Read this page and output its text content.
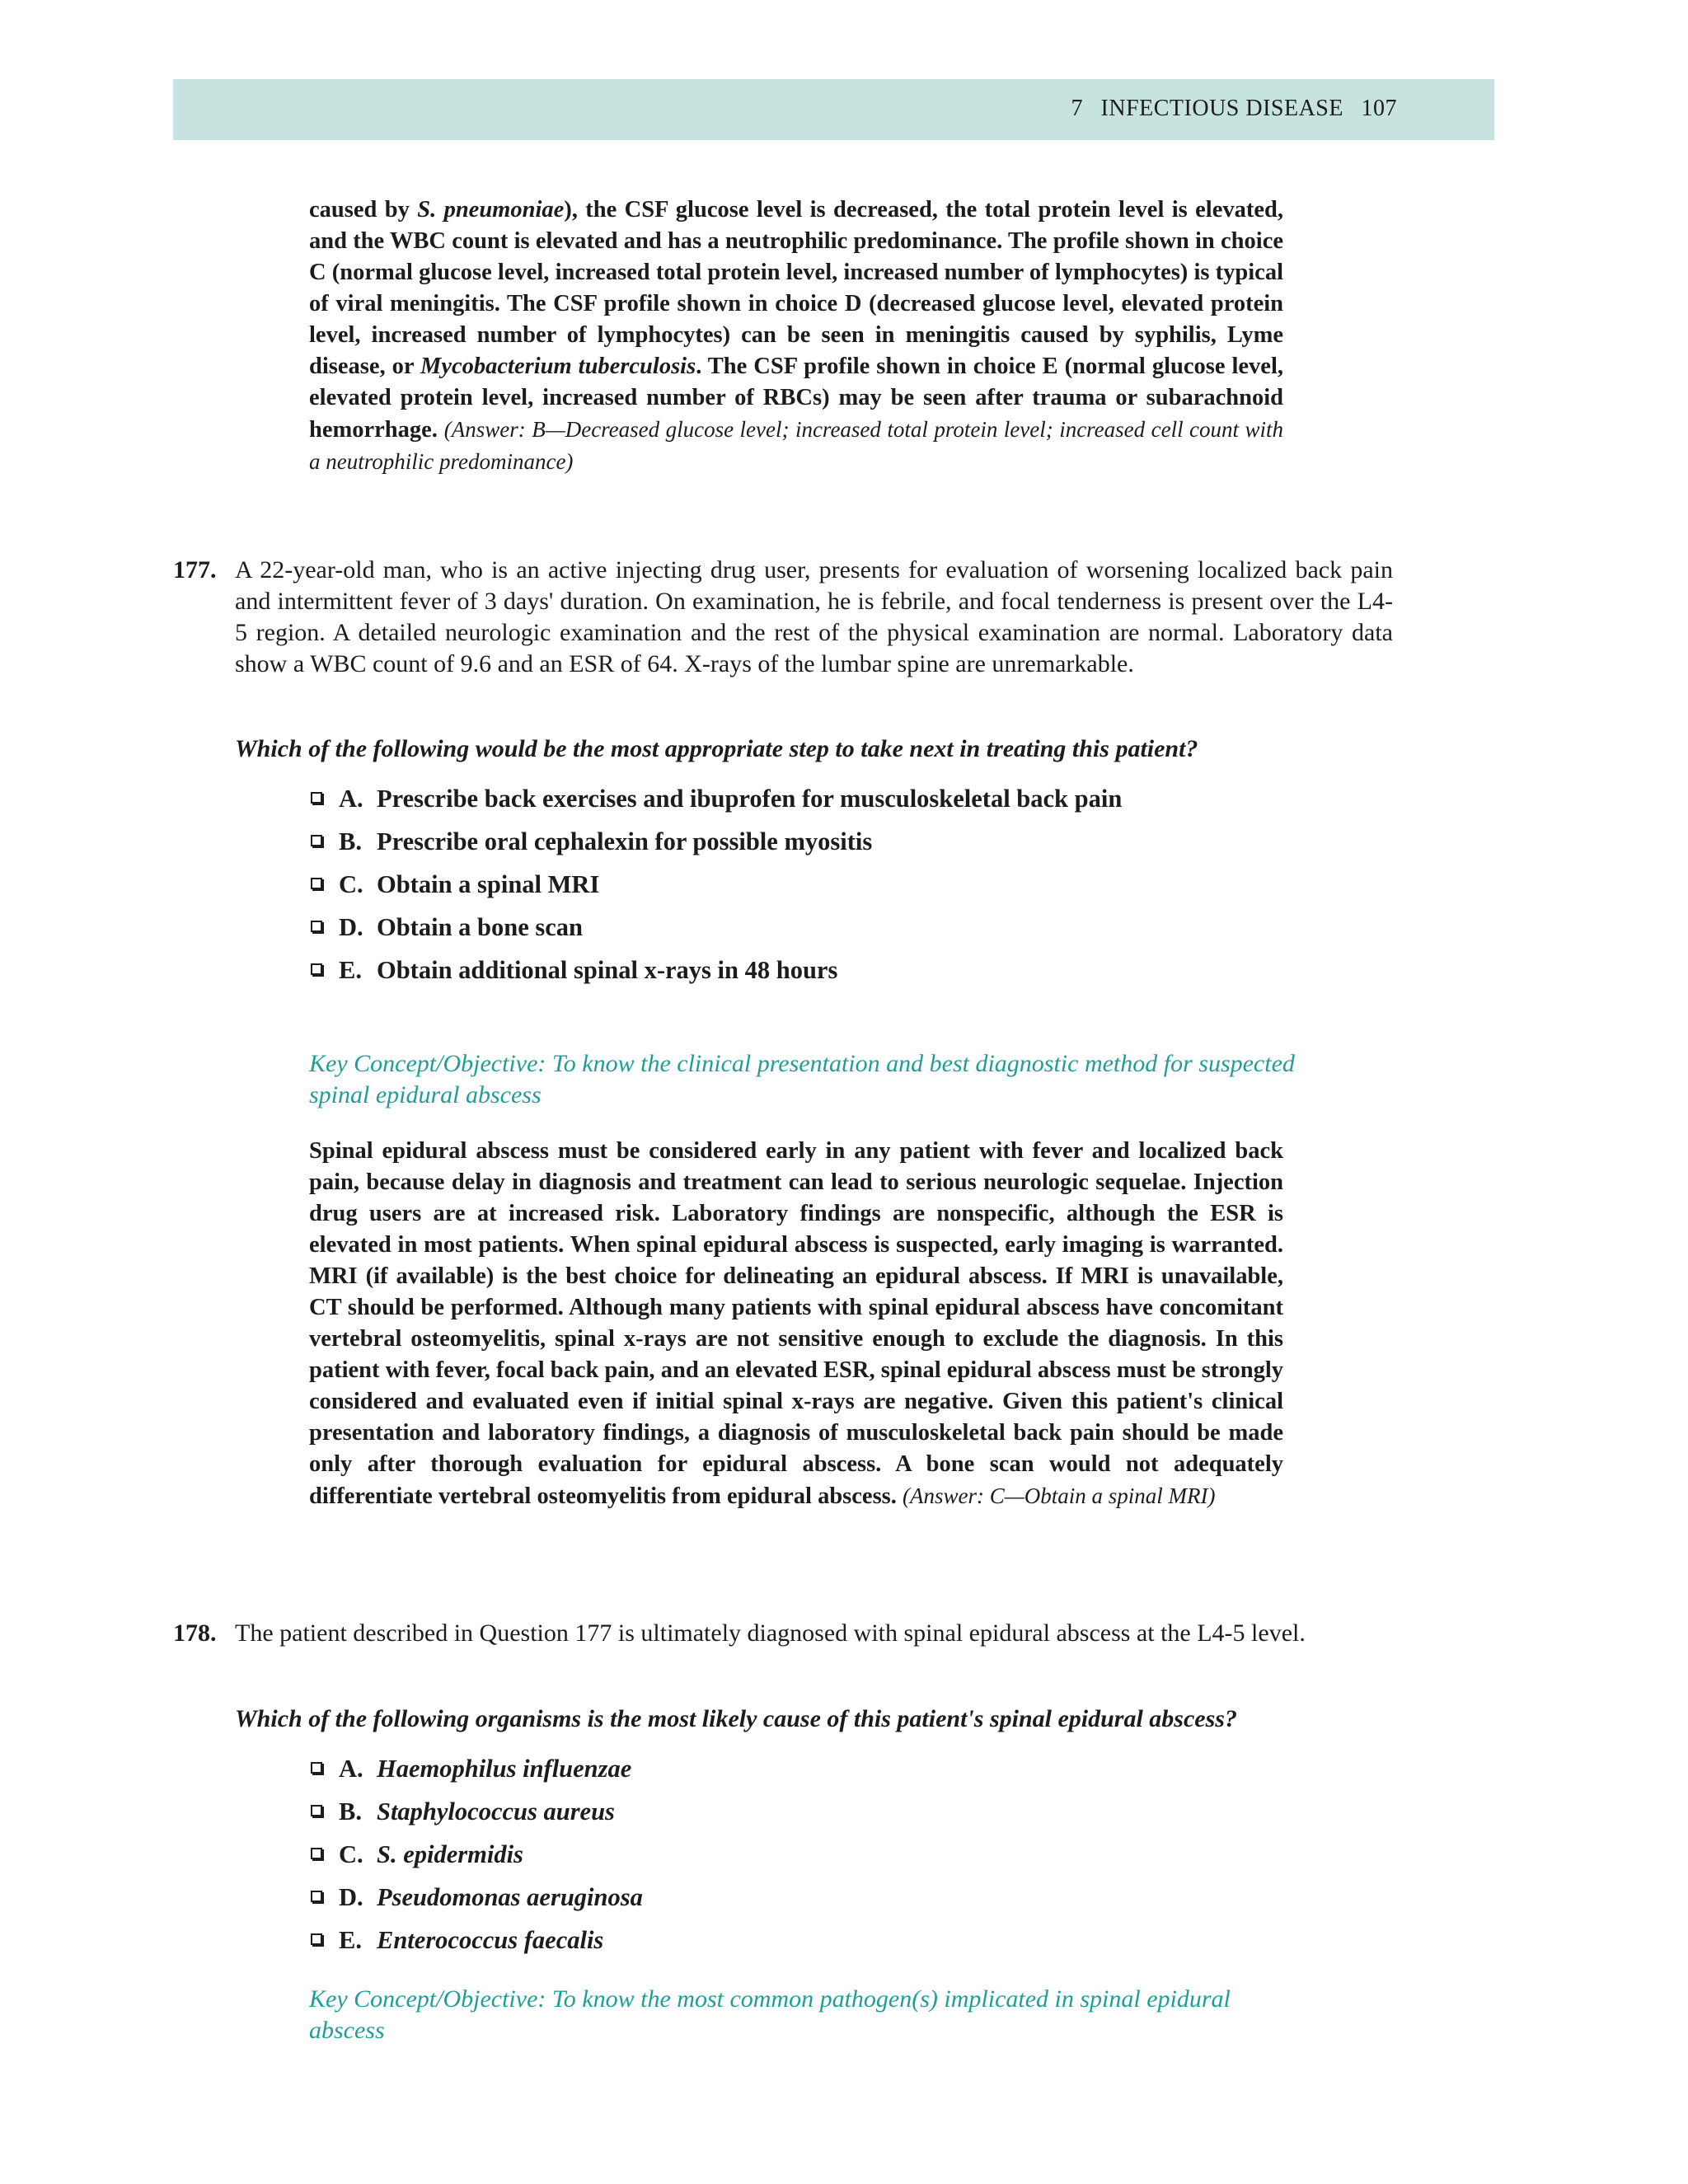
7 INFECTIOUS DISEASE 107
caused by S. pneumoniae), the CSF glucose level is decreased, the total protein level is elevated, and the WBC count is elevated and has a neutrophilic predominance. The profile shown in choice C (normal glucose level, increased total protein level, increased number of lymphocytes) is typical of viral meningitis. The CSF profile shown in choice D (decreased glucose level, elevated protein level, increased number of lymphocytes) can be seen in meningitis caused by syphilis, Lyme disease, or Mycobacterium tuberculosis. The CSF profile shown in choice E (normal glucose level, elevated protein level, increased number of RBCs) may be seen after trauma or subarachnoid hemorrhage. (Answer: B—Decreased glucose level; increased total protein level; increased cell count with a neutrophilic predominance)
177. A 22-year-old man, who is an active injecting drug user, presents for evaluation of worsening localized back pain and intermittent fever of 3 days' duration. On examination, he is febrile, and focal tenderness is present over the L4-5 region. A detailed neurologic examination and the rest of the physical examination are normal. Laboratory data show a WBC count of 9.6 and an ESR of 64. X-rays of the lumbar spine are unremarkable.
Which of the following would be the most appropriate step to take next in treating this patient?
A. Prescribe back exercises and ibuprofen for musculoskeletal back pain
B. Prescribe oral cephalexin for possible myositis
C. Obtain a spinal MRI
D. Obtain a bone scan
E. Obtain additional spinal x-rays in 48 hours
Key Concept/Objective: To know the clinical presentation and best diagnostic method for suspected spinal epidural abscess
Spinal epidural abscess must be considered early in any patient with fever and localized back pain, because delay in diagnosis and treatment can lead to serious neurologic sequelae. Injection drug users are at increased risk. Laboratory findings are nonspecific, although the ESR is elevated in most patients. When spinal epidural abscess is suspected, early imaging is warranted. MRI (if available) is the best choice for delineating an epidural abscess. If MRI is unavailable, CT should be performed. Although many patients with spinal epidural abscess have concomitant vertebral osteomyelitis, spinal x-rays are not sensitive enough to exclude the diagnosis. In this patient with fever, focal back pain, and an elevated ESR, spinal epidural abscess must be strongly considered and evaluated even if initial spinal x-rays are negative. Given this patient's clinical presentation and laboratory findings, a diagnosis of musculoskeletal back pain should be made only after thorough evaluation for epidural abscess. A bone scan would not adequately differentiate vertebral osteomyelitis from epidural abscess. (Answer: C—Obtain a spinal MRI)
178. The patient described in Question 177 is ultimately diagnosed with spinal epidural abscess at the L4-5 level.
Which of the following organisms is the most likely cause of this patient's spinal epidural abscess?
A. Haemophilus influenzae
B. Staphylococcus aureus
C. S. epidermidis
D. Pseudomonas aeruginosa
E. Enterococcus faecalis
Key Concept/Objective: To know the most common pathogen(s) implicated in spinal epidural abscess
